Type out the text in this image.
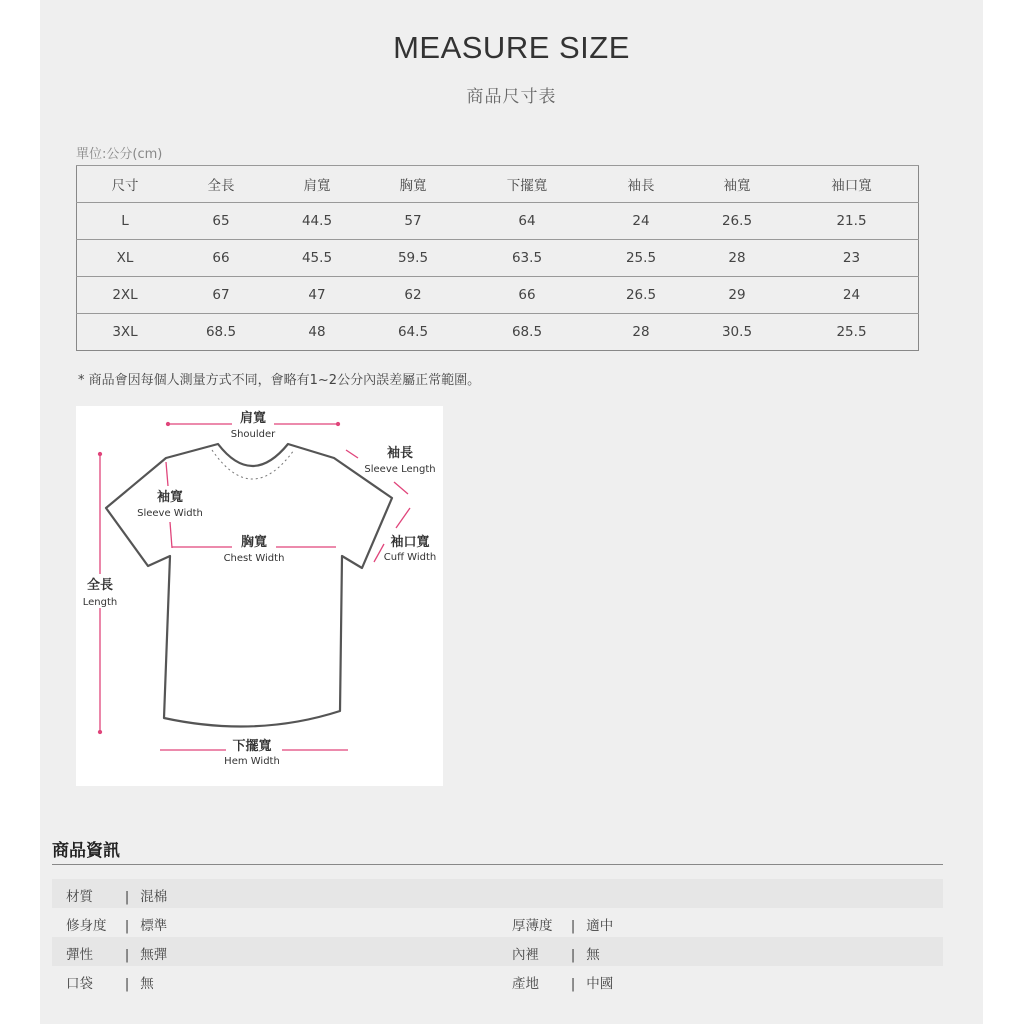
MEASURE SIZE
商品尺寸表
單位:公分(cm)
尺寸	全長	肩寬	胸寬	下擺寬	袖長	袖寬	袖口寬
L	65	44.5	57	64	24	26.5	21.5
XL	66	45.5	59.5	63.5	25.5	28	23
2XL	67	47	62	66	26.5	29	24
3XL	68.5	48	64.5	68.5	28	30.5	25.5
* 商品會因每個人測量方式不同，會略有1~2公分內誤差屬正常範圍。
肩寬
Shoulder
袖長
Sleeve Length
袖寬
Sleeve Width
胸寬
Chest Width
袖口寬
Cuff Width
全長
Length
下擺寬
Hem Width
商品資訊
材質 | 混棉
修身度 | 標準	厚薄度 | 適中
彈性 | 無彈	內裡 | 無
口袋 | 無	產地 | 中國
